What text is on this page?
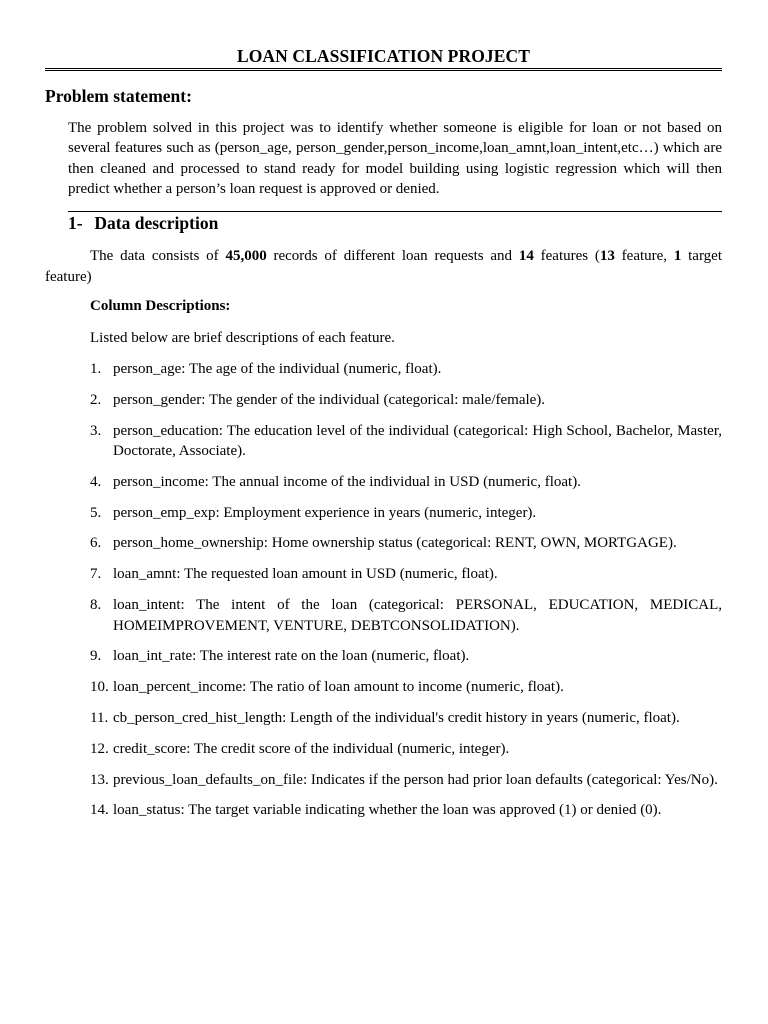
LOAN CLASSIFICATION PROJECT
Problem statement:
The problem solved in this project was to identify whether someone is eligible for loan or not based on several features such as (person_age, person_gender,person_income,loan_amnt,loan_intent,etc…) which are then cleaned and processed to stand ready for model building using logistic regression which will then predict whether a person’s loan request is approved or denied.
1- Data description
The data consists of 45,000 records of different loan requests and 14 features (13 feature, 1 target feature)
Column Descriptions:
Listed below are brief descriptions of each feature.
1. person_age: The age of the individual (numeric, float).
2. person_gender: The gender of the individual (categorical: male/female).
3. person_education: The education level of the individual (categorical: High School, Bachelor, Master, Doctorate, Associate).
4. person_income: The annual income of the individual in USD (numeric, float).
5. person_emp_exp: Employment experience in years (numeric, integer).
6. person_home_ownership: Home ownership status (categorical: RENT, OWN, MORTGAGE).
7. loan_amnt: The requested loan amount in USD (numeric, float).
8. loan_intent: The intent of the loan (categorical: PERSONAL, EDUCATION, MEDICAL, HOMEIMPROVEMENT, VENTURE, DEBTCONSOLIDATION).
9. loan_int_rate: The interest rate on the loan (numeric, float).
10. loan_percent_income: The ratio of loan amount to income (numeric, float).
11. cb_person_cred_hist_length: Length of the individual's credit history in years (numeric, float).
12. credit_score: The credit score of the individual (numeric, integer).
13. previous_loan_defaults_on_file: Indicates if the person had prior loan defaults (categorical: Yes/No).
14. loan_status: The target variable indicating whether the loan was approved (1) or denied (0).
